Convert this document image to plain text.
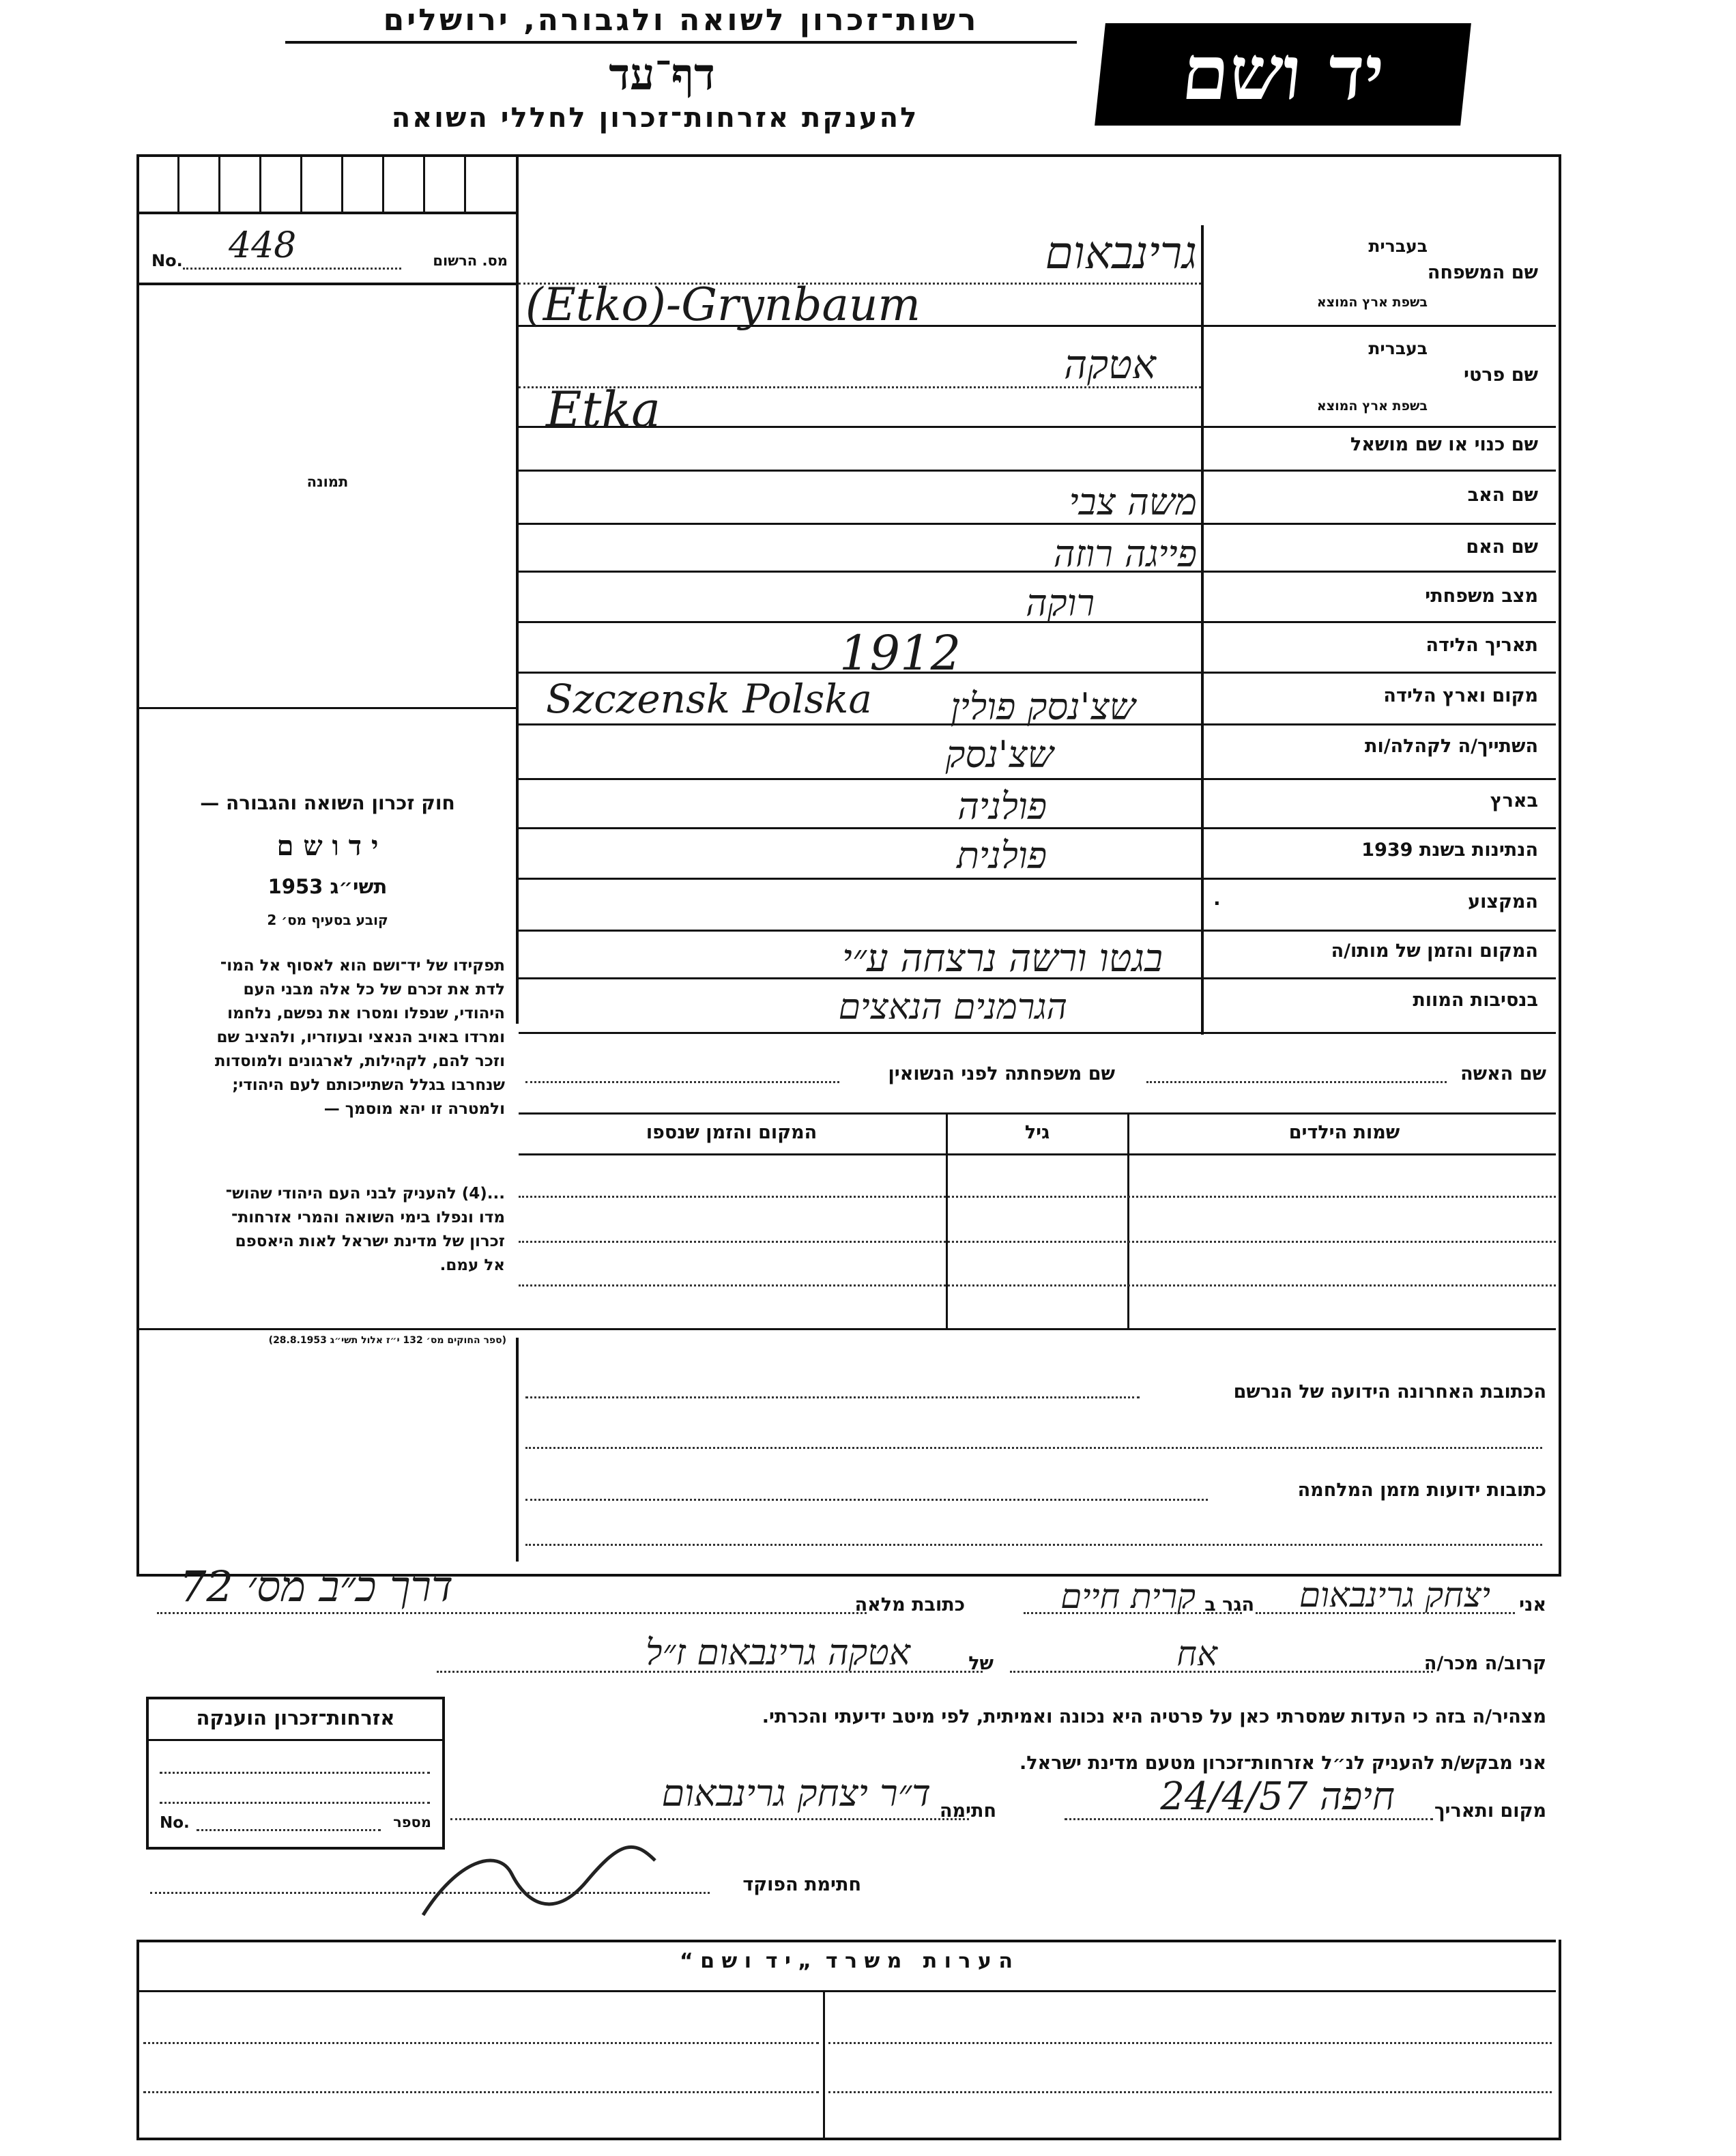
רשות־זכרון לשואה ולגבורה, ירושלים
דף־עד
להענקת אזרחות־זכרון לחללי השואה
יד ושם
No. 448	מס. הרשום
תמונה
חוק זכרון השואה והגבורה —
י ד ו ש ם
תשי״ג 1953
קובע בסעיף מס׳ 2
תפקידו של יד־ושם הוא לאסוף אל המו־
לדת את זכרם של כל אלה מבני העם
היהודי, שנפלו ומסרו את נפשם, נלחמו
ומרדו באויב הנאצי ובעוזריו, ולהציב שם
וזכר להם, לקהילות, לארגונים ולמוסדות
שנחרבו בגלל השתייכותם לעם היהודי;
ולמטרה זו יהא מוסמך —
...(4) להעניק לבני העם היהודי שהוש־
מדו ונפלו בימי השואה והמרי אזרחות־
זכרון של מדינת ישראל לאות היאספם
אל עמם.
(ספר החוקים מס׳ 132 י״ז אלול תשי״ג 28.8.1953)
שם המשפחה
בעברית
בשפת ארץ המוצא
שם פרטי
בעברית
בשפת ארץ המוצא
שם כנוי או שם מושאל
שם האב
שם האם
מצב משפחתי
תאריך הלידה
מקום וארץ הלידה
השתייך/ה לקהלה/ות
בארץ
הנתינות בשנת 1939
המקצוע
.
המקום והזמן של מותו/ה
בנסיבות המוות
גרינבאום
(Etko)-Grynbaum
אטקה
Etka
משה צבי
פייגה רוזה
רוקה
1912
Szczensk Polska שצ'נסק פולין
שצ'נסק
פולניה
פולנית
בגטו ורשה נרצחה ע״י
הגרמנים הנאצים
שם האשה
שם משפחתה לפני הנשואין
שמות הילדים
גיל
המקום והזמן שנספו
הכתובת האחרונה הידועה של הנרשם
כתובות ידועות מזמן המלחמה
אני
יצחק גרינבאום
הגר ב
קרית חיים
כתובת מלאה
דרך כ״ב מס׳ 72
קרוב/ה מכר/ה
אח
של
אטקה גרינבאום ז״ל
מצהיר/ה בזה כי העדות שמסרתי כאן על פרטיה היא נכונה ואמיתית, לפי מיטב ידיעתי והכרתי.
אני מבקש/ת להעניק לנ״ל אזרחות־זכרון מטעם מדינת ישראל.
מקום ותאריך
חיפה 24/4/57
חתימה
ד״ר יצחק גרינבאום
חתימת הפוקד
אזרחות־זכרון הוענקה
No.	מספר
ה ע ר ו ת   מ ש ר ד  „ י ד  ו ש ם “
